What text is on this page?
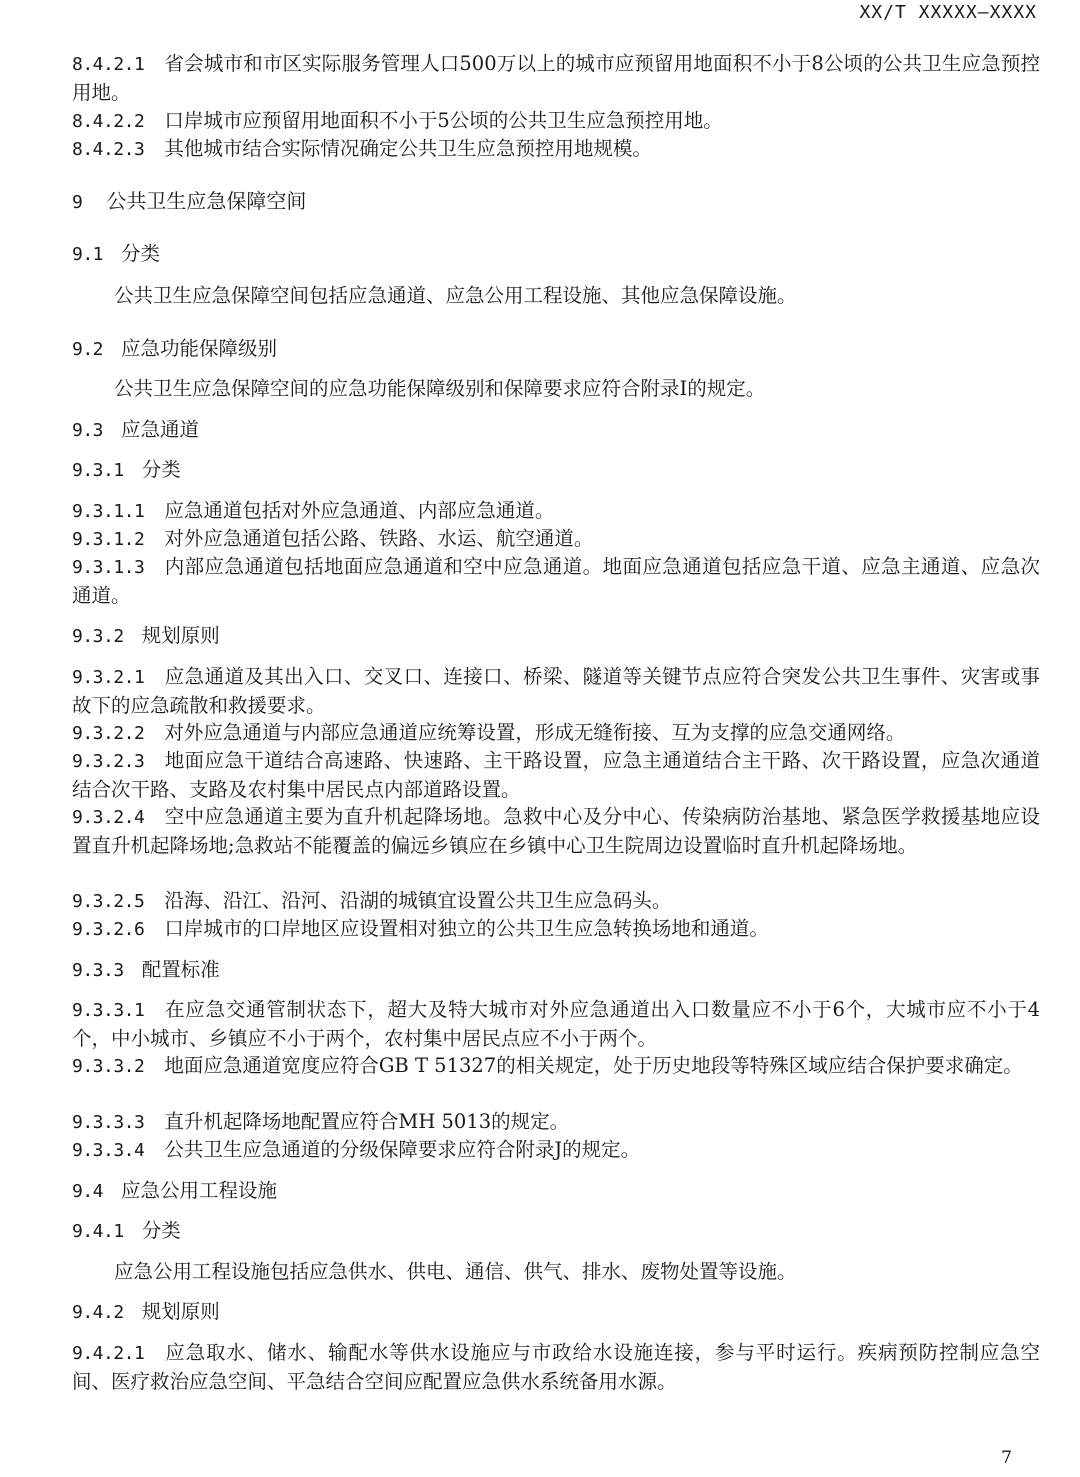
XX/T XXXXX—XXXX
8.4.2.1 省会城市和市区实际服务管理人口500万以上的城市应预留用地面积不小于8公顷的公共卫生应急预控用地。
8.4.2.2 口岸城市应预留用地面积不小于5公顷的公共卫生应急预控用地。
8.4.2.3 其他城市结合实际情况确定公共卫生应急预控用地规模。
9 公共卫生应急保障空间
9.1 分类
公共卫生应急保障空间包括应急通道、应急公用工程设施、其他应急保障设施。
9.2 应急功能保障级别
公共卫生应急保障空间的应急功能保障级别和保障要求应符合附录I的规定。
9.3 应急通道
9.3.1 分类
9.3.1.1 应急通道包括对外应急通道、内部应急通道。
9.3.1.2 对外应急通道包括公路、铁路、水运、航空通道。
9.3.1.3 内部应急通道包括地面应急通道和空中应急通道。地面应急通道包括应急干道、应急主通道、应急次通道。
9.3.2 规划原则
9.3.2.1 应急通道及其出入口、交叉口、连接口、桥梁、隧道等关键节点应符合突发公共卫生事件、灾害或事故下的应急疏散和救援要求。
9.3.2.2 对外应急通道与内部应急通道应统筹设置，形成无缝衔接、互为支撑的应急交通网络。
9.3.2.3 地面应急干道结合高速路、快速路、主干路设置，应急主通道结合主干路、次干路设置，应急次通道结合次干路、支路及农村集中居民点内部道路设置。
9.3.2.4 空中应急通道主要为直升机起降场地。急救中心及分中心、传染病防治基地、紧急医学救援基地应设置直升机起降场地;急救站不能覆盖的偏远乡镇应在乡镇中心卫生院周边设置临时直升机起降场地。
9.3.2.5 沿海、沿江、沿河、沿湖的城镇宜设置公共卫生应急码头。
9.3.2.6 口岸城市的口岸地区应设置相对独立的公共卫生应急转换场地和通道。
9.3.3 配置标准
9.3.3.1 在应急交通管制状态下，超大及特大城市对外应急通道出入口数量应不小于6个，大城市应不小于4个，中小城市、乡镇应不小于两个，农村集中居民点应不小于两个。
9.3.3.2 地面应急通道宽度应符合GB T 51327的相关规定，处于历史地段等特殊区域应结合保护要求确定。
9.3.3.3 直升机起降场地配置应符合MH 5013的规定。
9.3.3.4 公共卫生应急通道的分级保障要求应符合附录J的规定。
9.4 应急公用工程设施
9.4.1 分类
应急公用工程设施包括应急供水、供电、通信、供气、排水、废物处置等设施。
9.4.2 规划原则
9.4.2.1 应急取水、储水、输配水等供水设施应与市政给水设施连接，参与平时运行。疾病预防控制应急空间、医疗救治应急空间、平急结合空间应配置应急供水系统备用水源。
7
